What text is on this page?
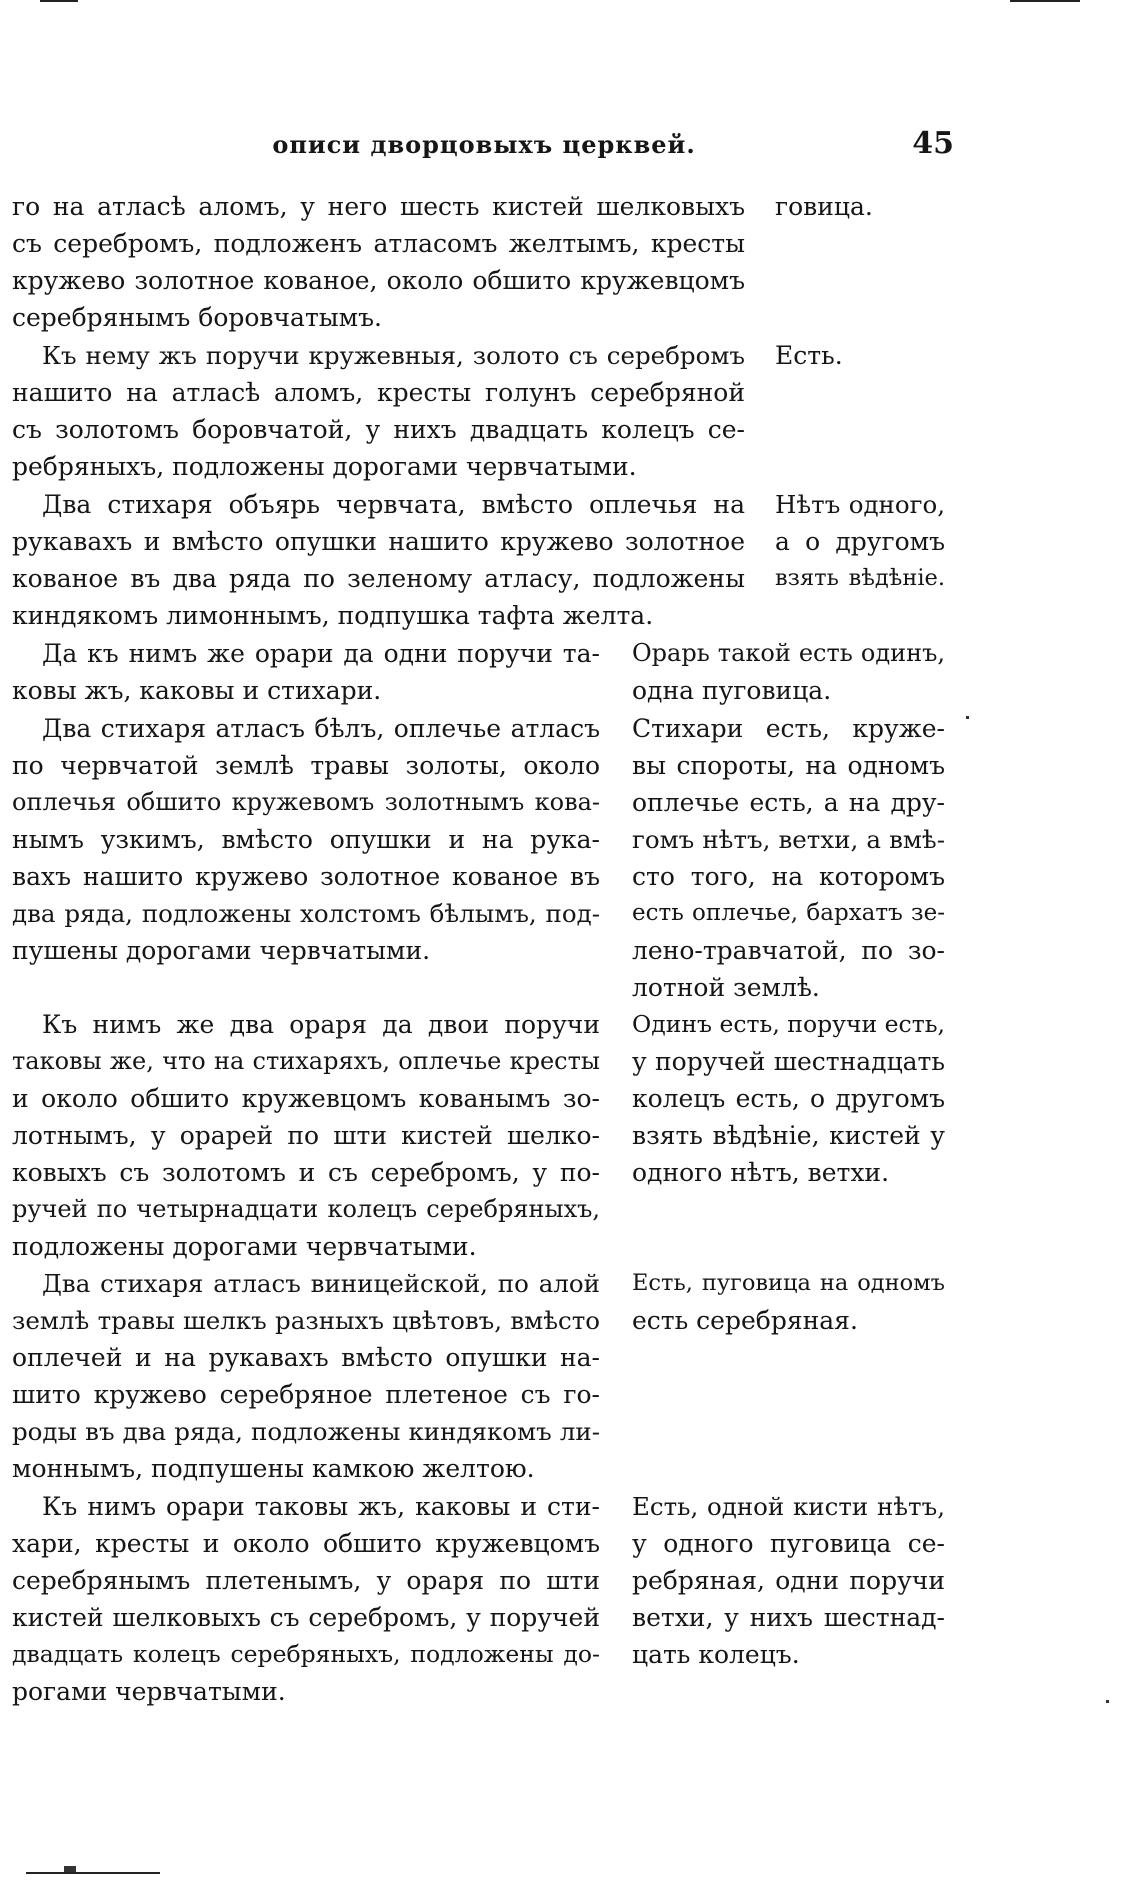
описи дворцовыхъ церквей.	45
го на атласѣ аломъ, у него шесть кистей шелковыхъ
съ серебромъ, подложенъ атласомъ желтымъ, кресты
кружево золотное кованое, около обшито кружевцомъ
серебрянымъ боровчатымъ.
говица.
Къ нему жъ поручи кружевныя, золото съ серебромъ
нашито на атласѣ аломъ, кресты голунъ серебряной
съ золотомъ боровчатой, у нихъ двадцать колецъ се-
ребряныхъ, подложены дорогами червчатыми.
Есть.
Два стихаря объярь червчата, вмѣсто оплечья на
рукавахъ и вмѣсто опушки нашито кружево золотное
кованое въ два ряда по зеленому атласу, подложены
киндякомъ лимоннымъ, подпушка тафта желта.
Нѣтъ одного,
а о другомъ
взять вѣдѣніе.
Да къ нимъ же орари да одни поручи та-
ковы жъ, каковы и стихари.
Орарь такой есть одинъ,
одна пуговица.
Два стихаря атласъ бѣлъ, оплечье атласъ
по червчатой землѣ травы золоты, около
оплечья обшито кружевомъ золотнымъ кова-
нымъ узкимъ, вмѣсто опушки и на рука-
вахъ нашито кружево золотное кованое въ
два ряда, подложены холстомъ бѣлымъ, под-
пушены дорогами червчатыми.
Стихари есть, круже-
вы спороты, на одномъ
оплечье есть, а на дру-
гомъ нѣтъ, ветхи, а вмѣ-
сто того, на которомъ
есть оплечье, бархатъ зе-
лено-травчатой, по зо-
лотной землѣ.
Къ нимъ же два ораря да двои поручи
таковы же, что на стихаряхъ, оплечье кресты
и около обшито кружевцомъ кованымъ зо-
лотнымъ, у орарей по шти кистей шелко-
ковыхъ съ золотомъ и съ серебромъ, у по-
ручей по четырнадцати колецъ серебряныхъ,
подложены дорогами червчатыми.
Одинъ есть, поручи есть,
у поручей шестнадцать
колецъ есть, о другомъ
взять вѣдѣніе, кистей у
одного нѣтъ, ветхи.
Два стихаря атласъ виницейской, по алой
землѣ травы шелкъ разныхъ цвѣтовъ, вмѣсто
оплечей и на рукавахъ вмѣсто опушки на-
шито кружево серебряное плетеное съ го-
роды въ два ряда, подложены киндякомъ ли-
моннымъ, подпушены камкою желтою.
Есть, пуговица на одномъ
есть серебряная.
Къ нимъ орари таковы жъ, каковы и сти-
хари, кресты и около обшито кружевцомъ
серебрянымъ плетенымъ, у ораря по шти
кистей шелковыхъ съ серебромъ, у поручей
двадцать колецъ серебряныхъ, подложены до-
рогами червчатыми.
Есть, одной кисти нѣтъ,
у одного пуговица се-
ребряная, одни поручи
ветхи, у нихъ шестнад-
цать колецъ.
